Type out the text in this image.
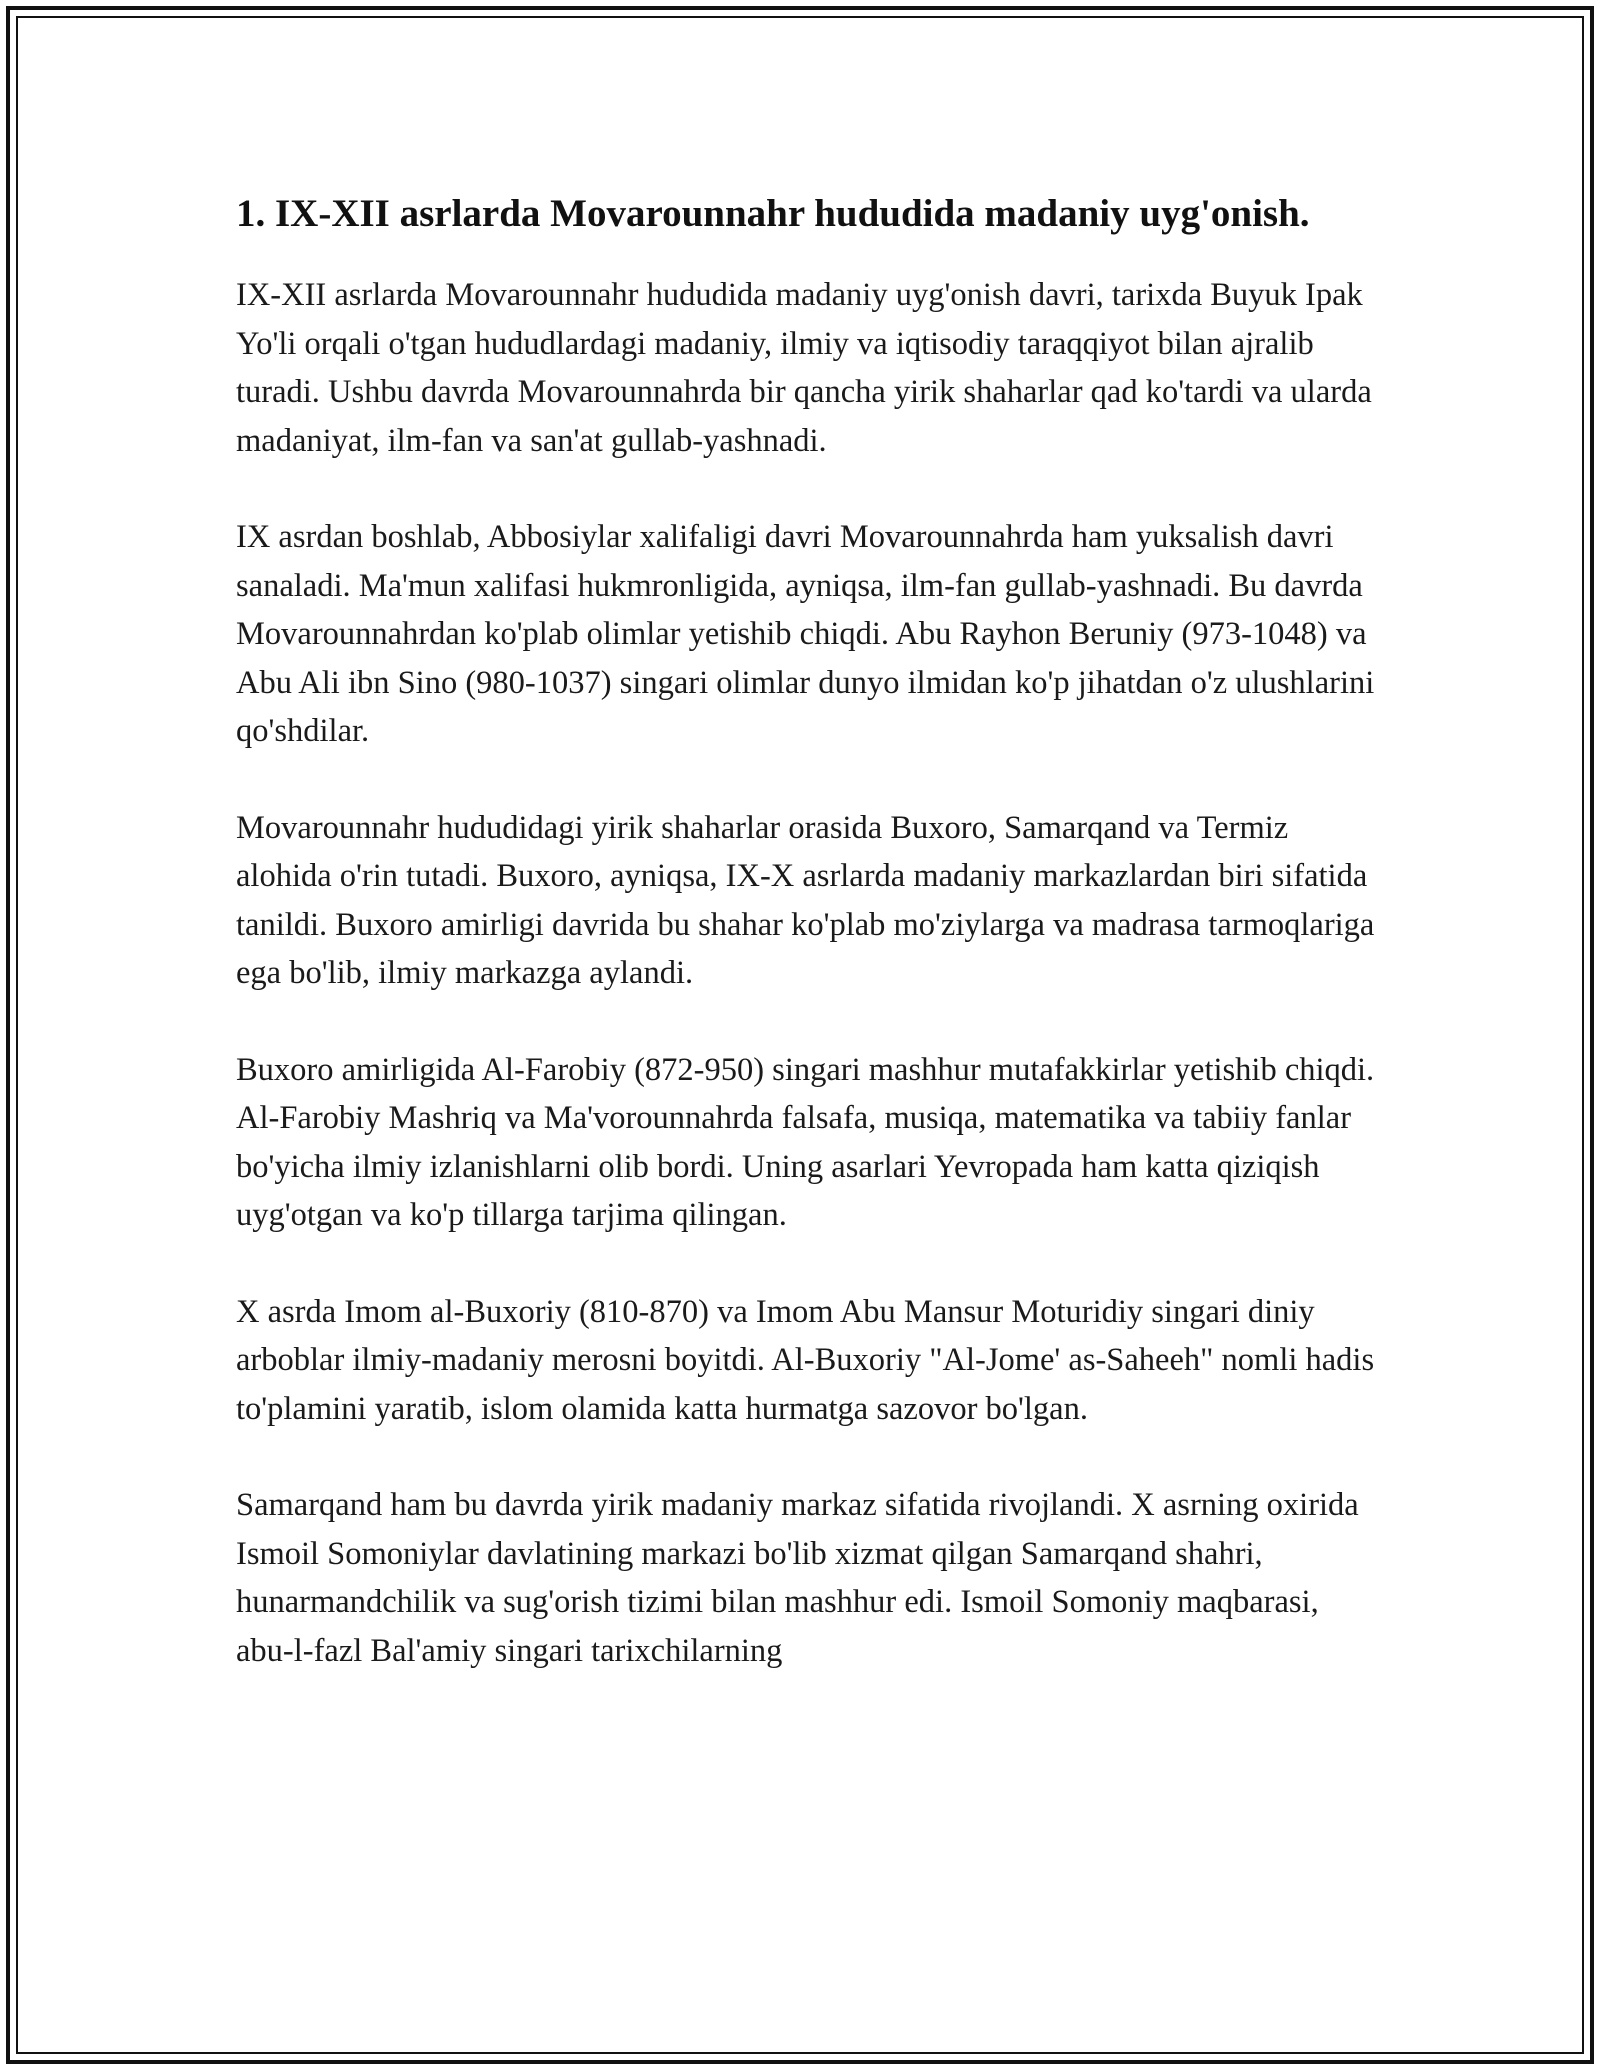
1. IX-XII asrlarda Movarounnahr hududida madaniy uyg'onish.

IX-XII asrlarda Movarounnahr hududida madaniy uyg'onish davri, tarixda Buyuk Ipak Yo'li orqali o'tgan hududlardagi madaniy, ilmiy va iqtisodiy taraqqiyot bilan ajralib turadi. Ushbu davrda Movarounnahrda bir qancha yirik shaharlar qad ko'tardi va ularda madaniyat, ilm-fan va san'at gullab-yashnadi.

IX asrdan boshlab, Abbosiylar xalifaligi davri Movarounnahrda ham yuksalish davri sanaladi. Ma'mun xalifasi hukmronligida, ayniqsa, ilm-fan gullab-yashnadi. Bu davrda Movarounnahrdan ko'plab olimlar yetishib chiqdi. Abu Rayhon Beruniy (973-1048) va Abu Ali ibn Sino (980-1037) singari olimlar dunyo ilmidan ko'p jihatdan o'z ulushlarini qo'shdilar.

Movarounnahr hududidagi yirik shaharlar orasida Buxoro, Samarqand va Termiz alohida o'rin tutadi. Buxoro, ayniqsa, IX-X asrlarda madaniy markazlardan biri sifatida tanildi. Buxoro amirligi davrida bu shahar ko'plab mo'ziylarga va madrasa tarmoqlariga ega bo'lib, ilmiy markazga aylandi.

Buxoro amirligida Al-Farobiy (872-950) singari mashhur mutafakkirlar yetishib chiqdi. Al-Farobiy Mashriq va Ma'vorounnahrda falsafa, musiqa, matematika va tabiiy fanlar bo'yicha ilmiy izlanishlarni olib bordi. Uning asarlari Yevropada ham katta qiziqish uyg'otgan va ko'p tillarga tarjima qilingan.

X asrda Imom al-Buxoriy (810-870) va Imom Abu Mansur Moturidiy singari diniy arboblar ilmiy-madaniy merosni boyitdi. Al-Buxoriy "Al-Jome' as-Saheeh" nomli hadis to'plamini yaratib, islom olamida katta hurmatga sazovor bo'lgan.

Samarqand ham bu davrda yirik madaniy markaz sifatida rivojlandi. X asrning oxirida Ismoil Somoniylar davlatining markazi bo'lib xizmat qilgan Samarqand shahri, hunarmandchilik va sug'orish tizimi bilan mashhur edi. Ismoil Somoniy maqbarasi, abu-l-fazl Bal'amiy singari tarixchilarning
